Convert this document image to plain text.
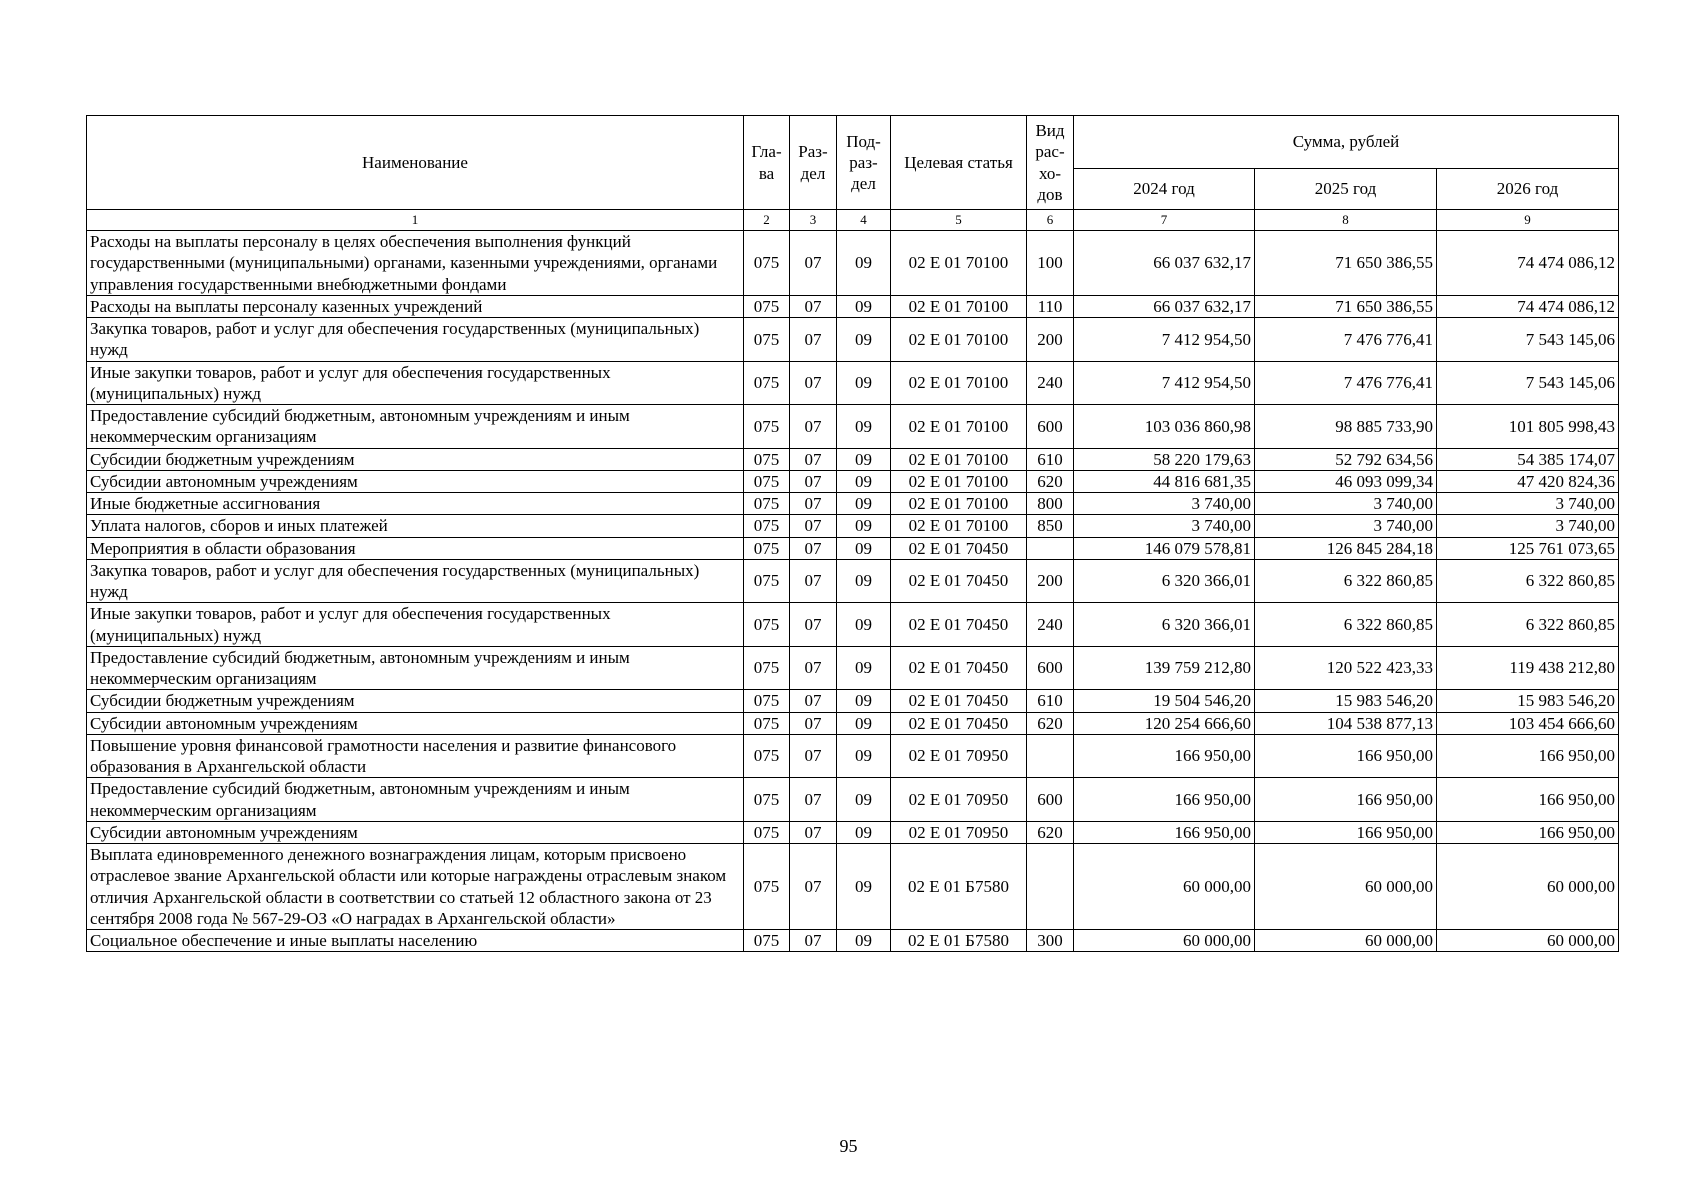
Наименование	Гла-ва	Раз-дел	Под-раз-дел	Целевая статья	Вид рас-хо-дов	Сумма, рублей		
						2024 год	2025 год	2026 год
1	2	3	4	5	6	7	8	9
Расходы на выплаты персоналу в целях обеспечения выполнения функций государственными (муниципальными) органами, казенными учреждениями, органами управления государственными внебюджетными фондами	075	07	09	02 Е 01 70100	100	66 037 632,17	71 650 386,55	74 474 086,12
Расходы на выплаты персоналу казенных учреждений	075	07	09	02 Е 01 70100	110	66 037 632,17	71 650 386,55	74 474 086,12
Закупка товаров, работ и услуг для обеспечения государственных (муниципальных) нужд	075	07	09	02 Е 01 70100	200	7 412 954,50	7 476 776,41	7 543 145,06
Иные закупки товаров, работ и услуг для обеспечения государственных (муниципальных) нужд	075	07	09	02 Е 01 70100	240	7 412 954,50	7 476 776,41	7 543 145,06
Предоставление субсидий бюджетным, автономным учреждениям и иным некоммерческим организациям	075	07	09	02 Е 01 70100	600	103 036 860,98	98 885 733,90	101 805 998,43
Субсидии бюджетным учреждениям	075	07	09	02 Е 01 70100	610	58 220 179,63	52 792 634,56	54 385 174,07
Субсидии автономным учреждениям	075	07	09	02 Е 01 70100	620	44 816 681,35	46 093 099,34	47 420 824,36
Иные бюджетные ассигнования	075	07	09	02 Е 01 70100	800	3 740,00	3 740,00	3 740,00
Уплата налогов, сборов и иных платежей	075	07	09	02 Е 01 70100	850	3 740,00	3 740,00	3 740,00
Мероприятия в области образования	075	07	09	02 Е 01 70450		146 079 578,81	126 845 284,18	125 761 073,65
Закупка товаров, работ и услуг для обеспечения государственных (муниципальных) нужд	075	07	09	02 Е 01 70450	200	6 320 366,01	6 322 860,85	6 322 860,85
Иные закупки товаров, работ и услуг для обеспечения государственных (муниципальных) нужд	075	07	09	02 Е 01 70450	240	6 320 366,01	6 322 860,85	6 322 860,85
Предоставление субсидий бюджетным, автономным учреждениям и иным некоммерческим организациям	075	07	09	02 Е 01 70450	600	139 759 212,80	120 522 423,33	119 438 212,80
Субсидии бюджетным учреждениям	075	07	09	02 Е 01 70450	610	19 504 546,20	15 983 546,20	15 983 546,20
Субсидии автономным учреждениям	075	07	09	02 Е 01 70450	620	120 254 666,60	104 538 877,13	103 454 666,60
Повышение уровня финансовой грамотности населения и развитие финансового образования в Архангельской области	075	07	09	02 Е 01 70950		166 950,00	166 950,00	166 950,00
Предоставление субсидий бюджетным, автономным учреждениям и иным некоммерческим организациям	075	07	09	02 Е 01 70950	600	166 950,00	166 950,00	166 950,00
Субсидии автономным учреждениям	075	07	09	02 Е 01 70950	620	166 950,00	166 950,00	166 950,00
Выплата единовременного денежного вознаграждения лицам, которым присвоено отраслевое звание Архангельской области или которые награждены отраслевым знаком отличия Архангельской области в соответствии со статьей 12 областного закона от 23 сентября 2008 года № 567-29-ОЗ «О наградах в Архангельской области»	075	07	09	02 Е 01 Б7580		60 000,00	60 000,00	60 000,00
Социальное обеспечение и иные выплаты населению	075	07	09	02 Е 01 Б7580	300	60 000,00	60 000,00	60 000,00
95
